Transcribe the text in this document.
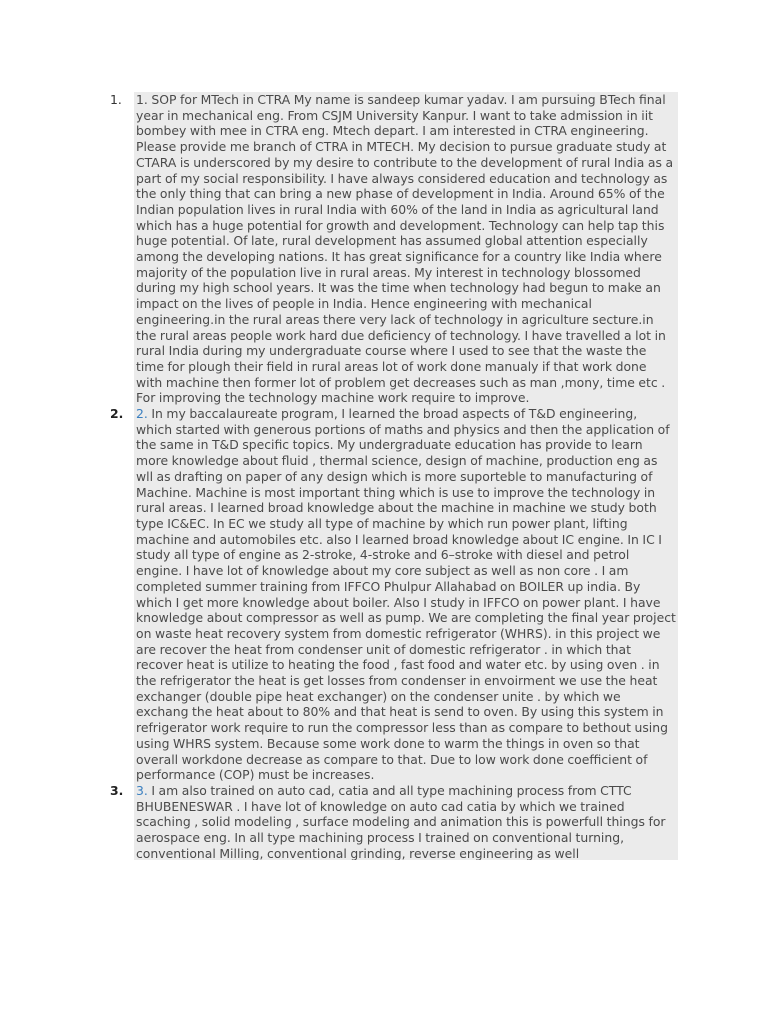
1.	1. SOP for MTech in CTRA My name is sandeep kumar yadav. I am pursuing BTech final year in mechanical eng. From CSJM University Kanpur. I want to take admission in iit bombey with mee in CTRA eng. Mtech depart. I am interested in CTRA engineering. Please provide me branch of CTRA in MTECH. My decision to pursue graduate study at CTARA is underscored by my desire to contribute to the development of rural India as a part of my social responsibility. I have always considered education and technology as the only thing that can bring a new phase of development in India. Around 65% of the Indian population lives in rural India with 60% of the land in India as agricultural land which has a huge potential for growth and development. Technology can help tap this huge potential. Of late, rural development has assumed global attention especially among the developing nations. It has great significance for a country like India where majority of the population live in rural areas. My interest in technology blossomed during my high school years. It was the time when technology had begun to make an impact on the lives of people in India. Hence engineering with mechanical engineering.in the rural areas there very lack of technology in agriculture secture.in the rural areas people work hard due deficiency of technology. I have travelled a lot in rural India during my undergraduate course where I used to see that the waste the time for plough their field in rural areas lot of work done manualy if that work done with machine then former lot of problem get decreases such as man ,mony, time etc . For improving the technology machine work require to improve.
2.	2. In my baccalaureate program, I learned the broad aspects of T&D engineering, which started with generous portions of maths and physics and then the application of the same in T&D specific topics. My undergraduate education has provide to learn more knowledge about fluid , thermal science, design of machine, production eng as wll as drafting on paper of any design which is more suporteble to manufacturing of Machine. Machine is most important thing which is use to improve the technology in rural areas. I learned broad knowledge about the machine in machine we study both type IC&EC. In EC we study all type of machine by which run power plant, lifting machine and automobiles etc. also I learned broad knowledge about IC engine. In IC I study all type of engine as 2-stroke, 4-stroke and 6–stroke with diesel and petrol engine. I have lot of knowledge about my core subject as well as non core . I am completed summer training from IFFCO Phulpur Allahabad on BOILER up india. By which I get more knowledge about boiler. Also I study in IFFCO on power plant. I have knowledge about compressor as well as pump. We are completing the final year project on waste heat recovery system from domestic refrigerator (WHRS). in this project we are recover the heat from condenser unit of domestic refrigerator . in which that recover heat is utilize to heating the food , fast food and water etc. by using oven . in the refrigerator the heat is get losses from condenser in envoirment we use the heat exchanger (double pipe heat exchanger) on the condenser unite . by which we exchang the heat about to 80% and that heat is send to oven. By using this system in refrigerator work require to run the compressor less than as compare to bethout using using WHRS system. Because some work done to warm the things in oven so that overall workdone decrease as compare to that. Due to low work done coefficient of performance (COP) must be increases.
3.	3. I am also trained on auto cad, catia and all type machining process from CTTC BHUBENESWAR . I have lot of knowledge on auto cad catia by which we trained scaching , solid modeling , surface modeling and animation this is powerfull things for aerospace eng. In all type machining process I trained on conventional turning, conventional Milling, conventional grinding, reverse engineering as well
